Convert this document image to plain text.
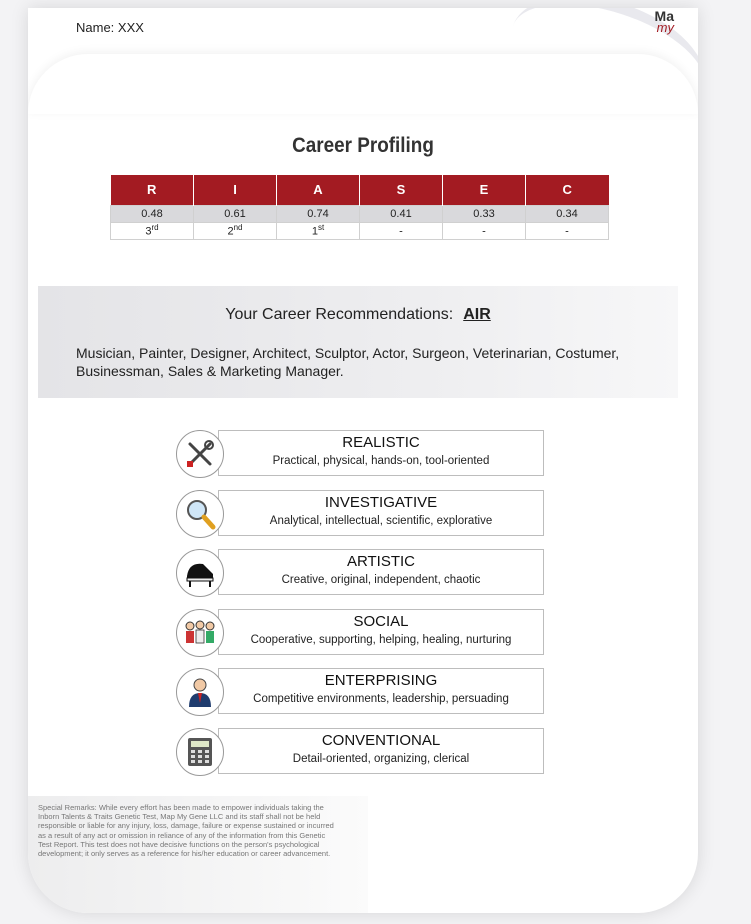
Name: XXX
Ma
my
Career Profiling
R	I	A	S	E	C
0.48	0.61	0.74	0.41	0.33	0.34
3rd	2nd	1st	-	-	-
Your Career Recommendations: AIR
Musician, Painter, Designer, Architect, Sculptor, Actor, Surgeon, Veterinarian, Costumer, Businessman, Sales & Marketing Manager.
REALISTIC
Practical, physical, hands-on, tool-oriented
INVESTIGATIVE
Analytical, intellectual, scientific, explorative
ARTISTIC
Creative, original, independent, chaotic
SOCIAL
Cooperative, supporting, helping, healing, nurturing
ENTERPRISING
Competitive environments, leadership, persuading
CONVENTIONAL
Detail-oriented, organizing, clerical
Special Remarks: While every effort has been made to empower individuals taking the Inborn Talents & Traits Genetic Test, Map My Gene LLC and its staff shall not be held responsible or liable for any injury, loss, damage, failure or expense sustained or incurred as a result of any act or omission in reliance of any of the information from this Genetic Test Report. This test does not have decisive functions on the person's psychological development; it only serves as a reference for his/her education or career advancement.
